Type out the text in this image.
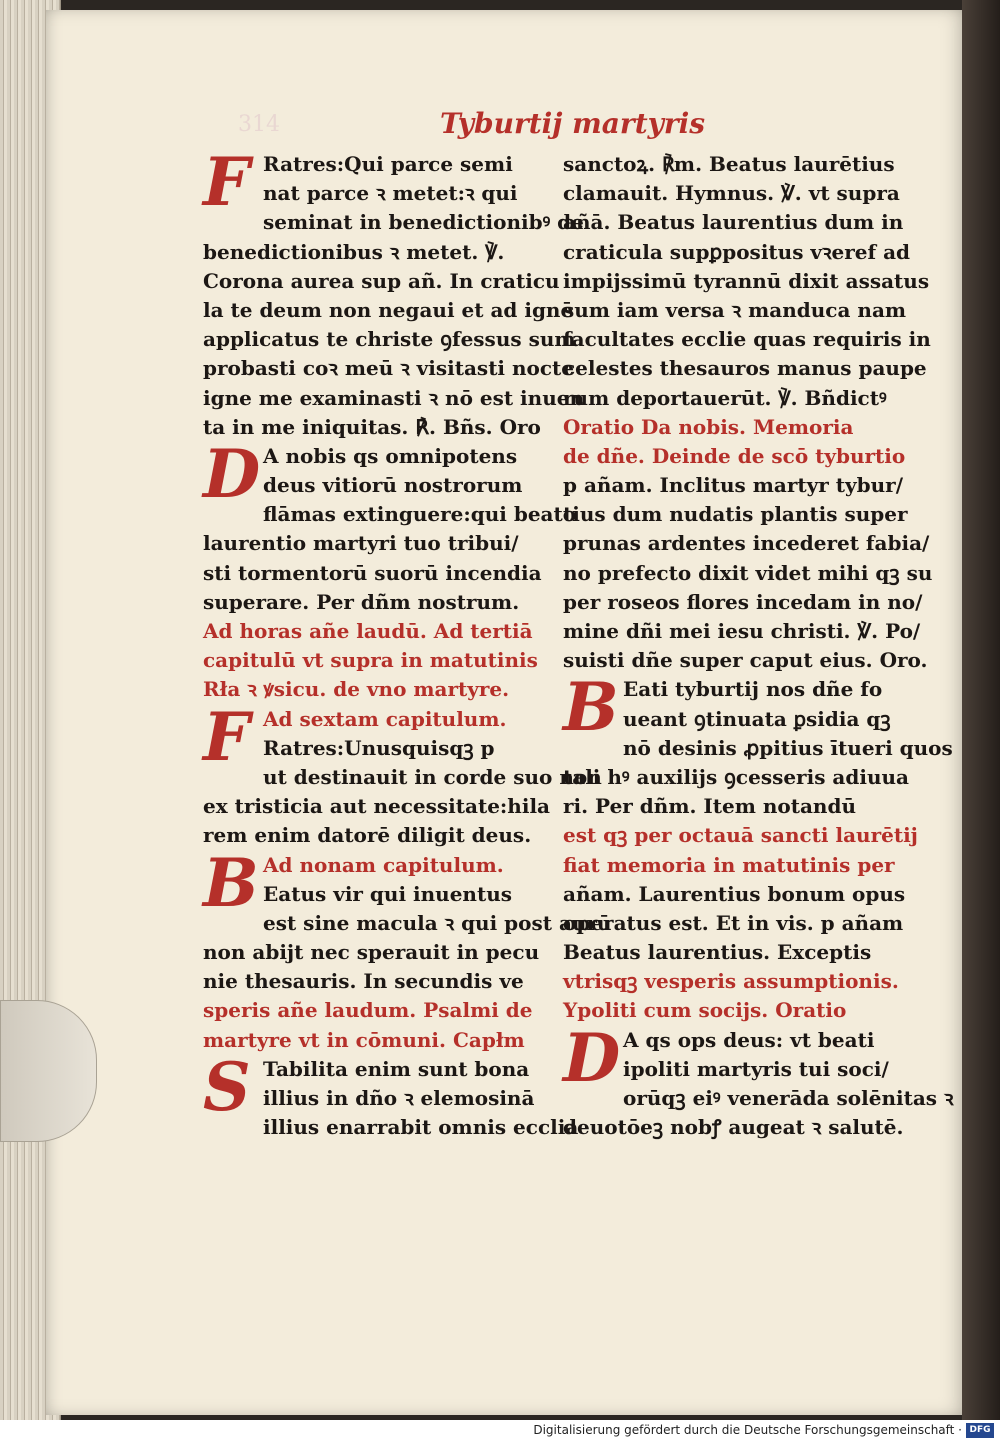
314	Tyburtij martyris
F Ratres:Qui parce semi
nat parce ꝛ metet:ꝛ qui
seminat in benedictionibꝰ de
benedictionibus ꝛ metet. ℣.
Corona aurea sup añ. In craticu
la te deum non negaui et ad ignē
applicatus te christe ꝯfessus sum
probasti coꝛ meū ꝛ visitasti nocte
igne me examinasti ꝛ nō est inuen
ta in me iniquitas. ℟. Bñs. Oro
D A nobis qs omnipotens
deus vitiorū nostrorum
flāmas extinguere:qui beato
laurentio martyri tuo tribui/
sti tormentorū suorū incendia
superare. Per dñm nostrum.
Ad horas añe laudū. Ad tertiā
capitulū vt supra in matutinis
Rła ꝛ ꝟsicu. de vno martyre.
F Ad sextam capitulum.
Ratres:Unusquisqꝫ p
ut destinauit in corde suo non
ex tristicia aut necessitate:hila
rem enim datorē diligit deus.
B Ad nonam capitulum.
Eatus vir qui inuentus
est sine macula ꝛ qui post aurū
non abijt nec sperauit in pecu
nie thesauris. In secundis ve
speris añe laudum. Psalmi de
martyre vt in cōmuni. Capłm
S Tabilita enim sunt bona
illius in dño ꝛ elemosinā
illius enarrabit omnis ecclia
sanctoꝝ. ℟m. Beatus laurētius
clamauit. Hymnus. ℣. vt supra
añā. Beatus laurentius dum in
craticula supꝑpositus vꝛeref ad
impijssimū tyrannū dixit assatus
sum iam versa ꝛ manduca nam
facultates ecclie quas requiris in
celestes thesauros manus paupe
rum deportauerūt. ℣. Bñdictꝰ
Oratio Da nobis. Memoria
de dñe. Deinde de scō tyburtio
p añam. Inclitus martyr tybur/
tius dum nudatis plantis super
prunas ardentes incederet fabia/
no prefecto dixit videt mihi qꝫ su
per roseos flores incedam in no/
mine dñi mei iesu christi. ℣. Po/
suisti dñe super caput eius. Oro.
B Eati tyburtij nos dñe fo
ueant ꝯtinuata ꝑsidia qꝫ
nō desinis ꝓpitius ītueri quos
tali hꝰ auxilijs ꝯcesseris adiuua
ri. Per dñm. Item notandū
est qꝫ per octauā sancti laurētij
fiat memoria in matutinis per
añam. Laurentius bonum opus
operatus est. Et in vis. p añam
Beatus laurentius. Exceptis
vtrisqꝫ vesperis assumptionis.
Ypoliti cum socijs. Oratio
D A qs ops deus: vt beati
ipoliti martyris tui soci/
orūqꝫ eiꝰ venerāda solēnitas ꝛ
deuotōeꝫ nobꝭ augeat ꝛ salutē.
Digitalisierung gefördert durch die Deutsche Forschungsgemeinschaft · DFG
